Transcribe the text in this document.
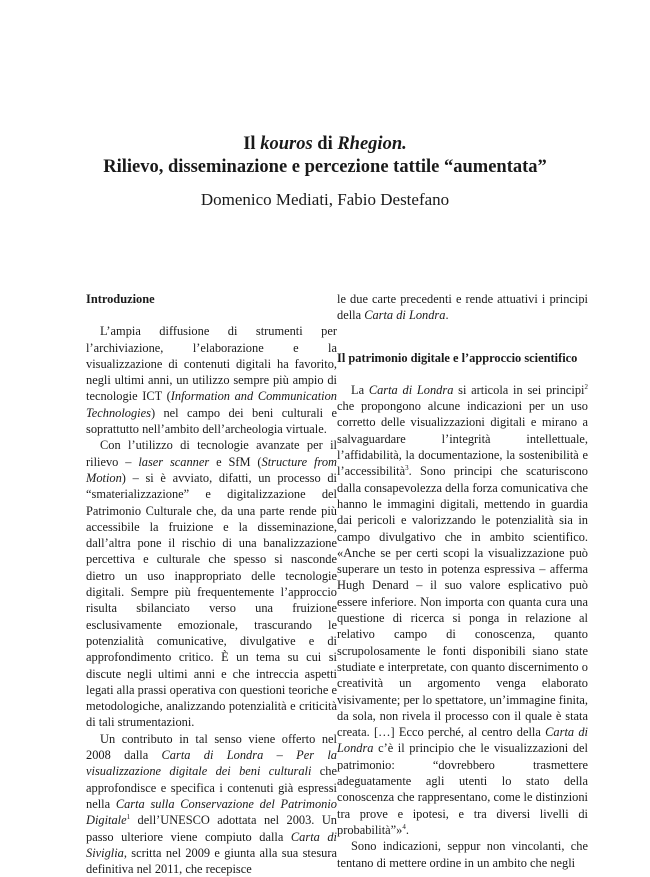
Il kouros di Rhegion.

Rilievo, disseminazione e percezione tattile “aumentata”

Domenico Mediati, Fabio Destefano
Introduzione

L’ampia diffusione di strumenti per l’archiviazione, l’elaborazione e la visualizzazione di contenuti digitali ha favorito, negli ultimi anni, un utilizzo sempre più ampio di tecnologie ICT (Information and Communication Technologies) nel campo dei beni culturali e soprattutto nell’ambito dell’archeologia virtuale.

Con l’utilizzo di tecnologie avanzate per il rilievo – laser scanner e SfM (Structure from Motion) – si è avviato, difatti, un processo di “smaterializzazione” e digitalizzazione del Patrimonio Culturale che, da una parte rende più accessibile la fruizione e la disseminazione, dall’altra pone il rischio di una banalizzazione percettiva e culturale che spesso si nasconde dietro un uso inappropriato delle tecnologie digitali. Sempre più frequentemente l’approccio risulta sbilanciato verso una fruizione esclusivamente emozionale, trascurando le potenzialità comunicative, divulgative e di approfondimento critico. È un tema su cui si discute negli ultimi anni e che intreccia aspetti legati alla prassi operativa con questioni teoriche e metodologiche, analizzando potenzialità e criticità di tali strumentazioni.

Un contributo in tal senso viene offerto nel 2008 dalla Carta di Londra – Per la visualizzazione digitale dei beni culturali che approfondisce e specifica i contenuti già espressi nella Carta sulla Conservazione del Patrimonio Digitale$^1$ dell’UNESCO adottata nel 2003. Un passo ulteriore viene compiuto dalla Carta di Siviglia, scritta nel 2009 e giunta alla sua stesura definitiva nel 2011, che recepisce

le due carte precedenti e rende attuativi i principi della Carta di Londra.

Il patrimonio digitale e l’approccio scientifico

La Carta di Londra si articola in sei principi$^2$ che propongono alcune indicazioni per un uso corretto delle visualizzazioni digitali e mirano a salvaguardare l’integrità intellettuale, l’affidabilità, la documentazione, la sostenibilità e l’accessibilità$^3$. Sono principi che scaturiscono dalla consapevolezza della forza comunicativa che hanno le immagini digitali, mettendo in guardia dai pericoli e valorizzando le potenzialità sia in campo divulgativo che in ambito scientifico. «Anche se per certi scopi la visualizzazione può superare un testo in potenza espressiva – afferma Hugh Denard – il suo valore esplicativo può essere inferiore. Non importa con quanta cura una questione di ricerca si ponga in relazione al relativo campo di conoscenza, quanto scrupolosamente le fonti disponibili siano state studiate e interpretate, con quanto discernimento o creatività un argomento venga elaborato visivamente; per lo spettatore, un’immagine finita, da sola, non rivela il processo con il quale è stata creata. […] Ecco perché, al centro della Carta di Londra c’è il principio che le visualizzazioni del patrimonio: “dovrebbero trasmettere adeguatamente agli utenti lo stato della conoscenza che rappresentano, come le distinzioni tra prove e ipotesi, e tra diversi livelli di probabilità”»$^4$.

Sono indicazioni, seppur non vincolanti, che tentano di mettere ordine in un ambito che negli
